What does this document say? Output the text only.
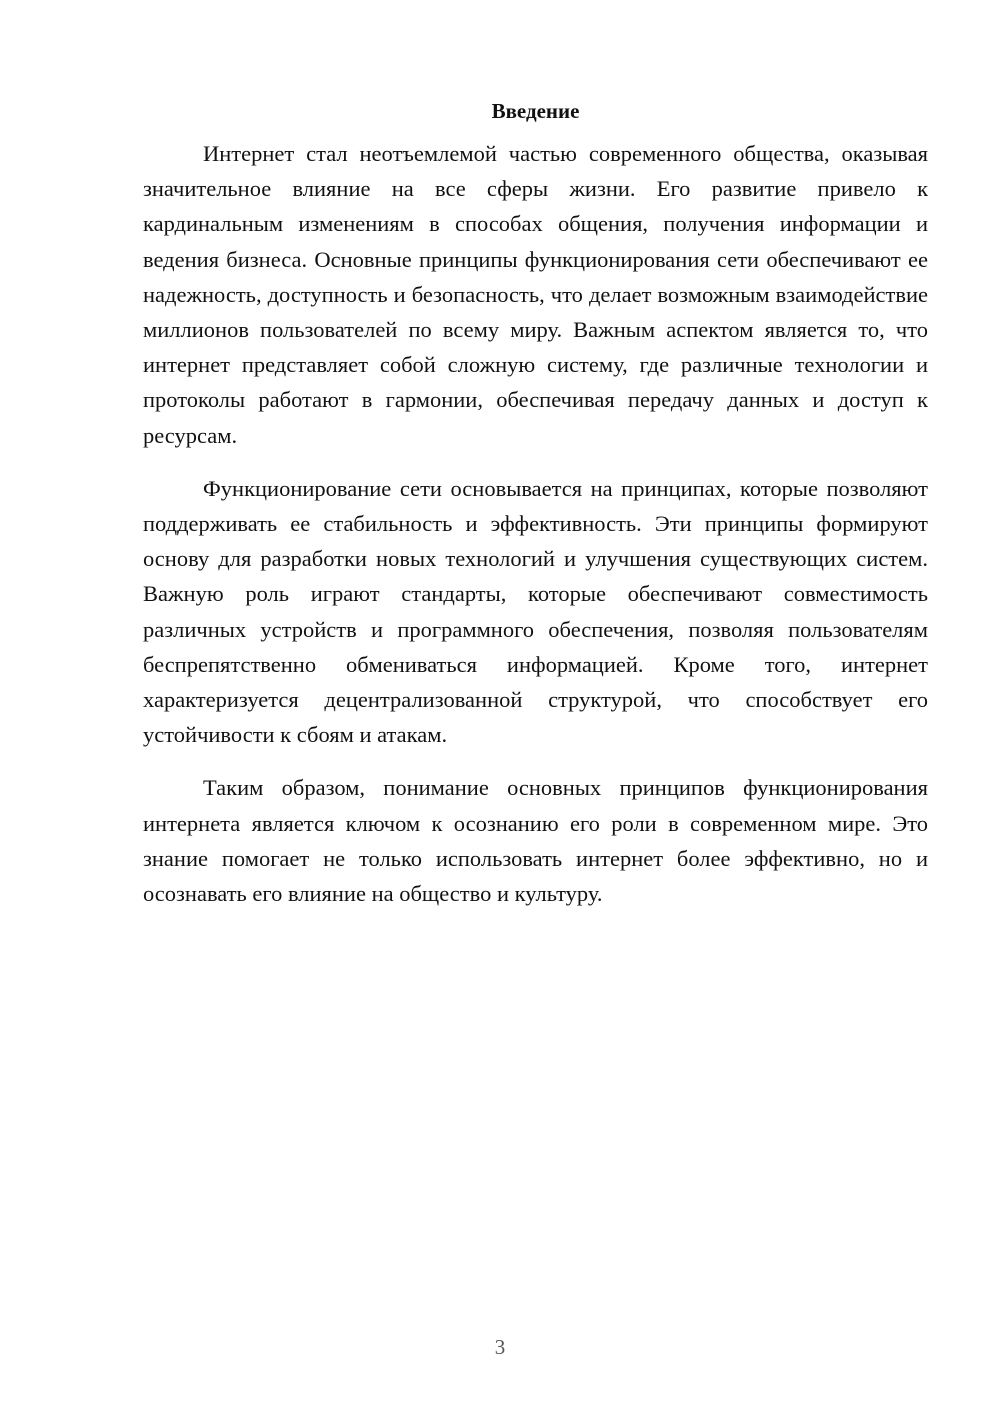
Введение

Интернет стал неотъемлемой частью современного общества, оказывая значительное влияние на все сферы жизни. Его развитие привело к кардинальным изменениям в способах общения, получения информации и ведения бизнеса. Основные принципы функционирования сети обеспечивают ее надежность, доступность и безопасность, что делает возможным взаимодействие миллионов пользователей по всему миру. Важным аспектом является то, что интернет представляет собой сложную систему, где различные технологии и протоколы работают в гармонии, обеспечивая передачу данных и доступ к ресурсам.

Функционирование сети основывается на принципах, которые позволяют поддерживать ее стабильность и эффективность. Эти принципы формируют основу для разработки новых технологий и улучшения существующих систем. Важную роль играют стандарты, которые обеспечивают совместимость различных устройств и программного обеспечения, позволяя пользователям беспрепятственно обмениваться информацией. Кроме того, интернет характеризуется децентрализованной структурой, что способствует его устойчивости к сбоям и атакам.

Таким образом, понимание основных принципов функционирования интернета является ключом к осознанию его роли в современном мире. Это знание помогает не только использовать интернет более эффективно, но и осознавать его влияние на общество и культуру.

3
